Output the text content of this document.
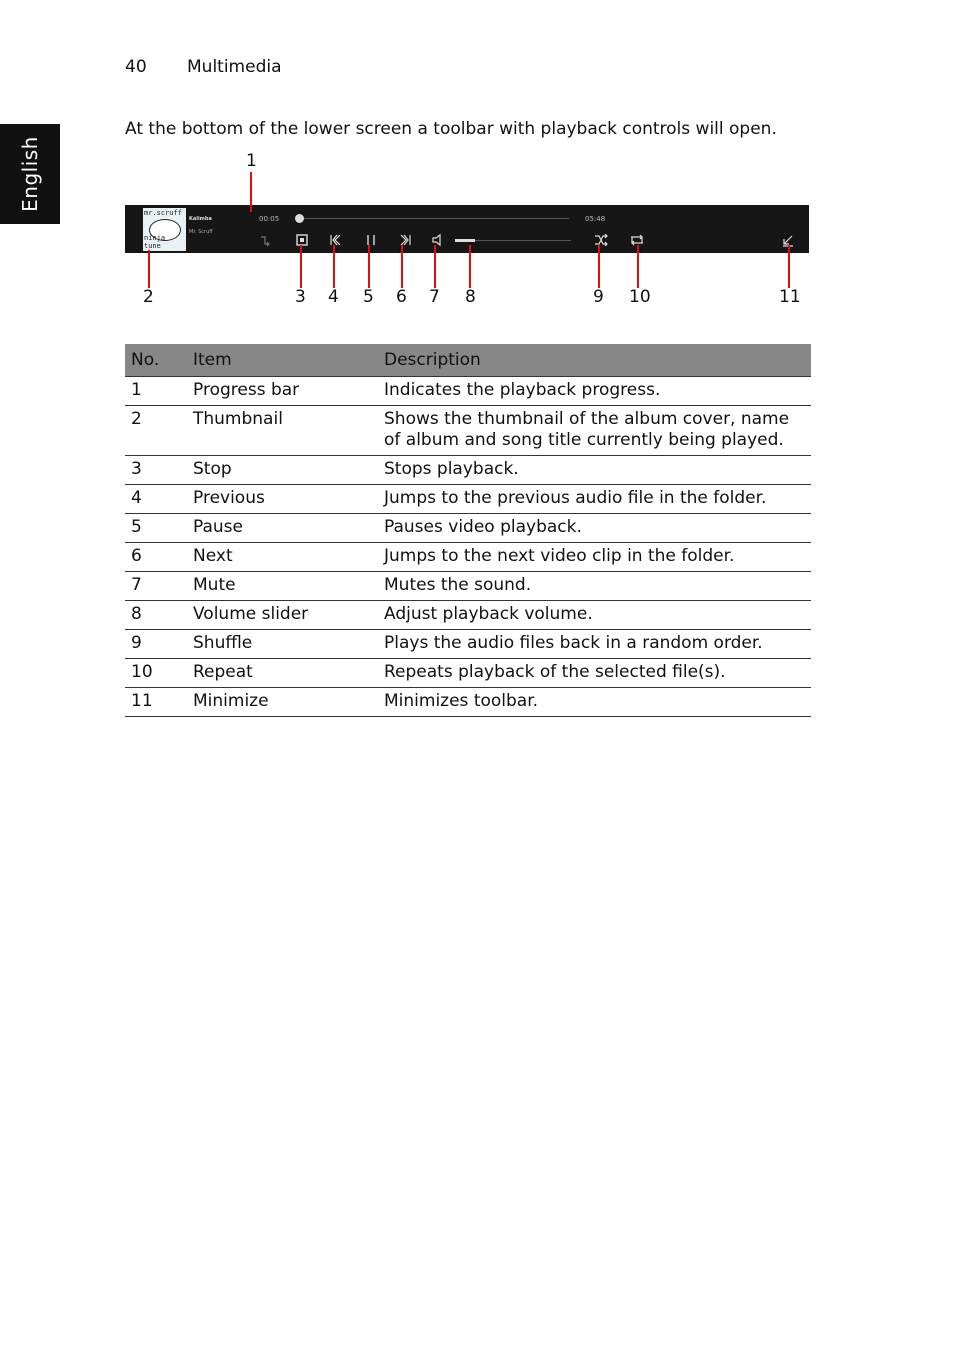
English
40 Multimedia
At the bottom of the lower screen a toolbar with playback controls will open.
mr.scruff
ninja tune
Kalimba
Mr. Scruff
00:05	05:48
1
2	3 4 5 6 7 8	9 10	11
No.	Item	Description
1	Progress bar	Indicates the playback progress.
2	Thumbnail	Shows the thumbnail of the album cover, name of album and song title currently being played.
3	Stop	Stops playback.
4	Previous	Jumps to the previous audio file in the folder.
5	Pause	Pauses video playback.
6	Next	Jumps to the next video clip in the folder.
7	Mute	Mutes the sound.
8	Volume slider	Adjust playback volume.
9	Shuffle	Plays the audio files back in a random order.
10	Repeat	Repeats playback of the selected file(s).
11	Minimize	Minimizes toolbar.
